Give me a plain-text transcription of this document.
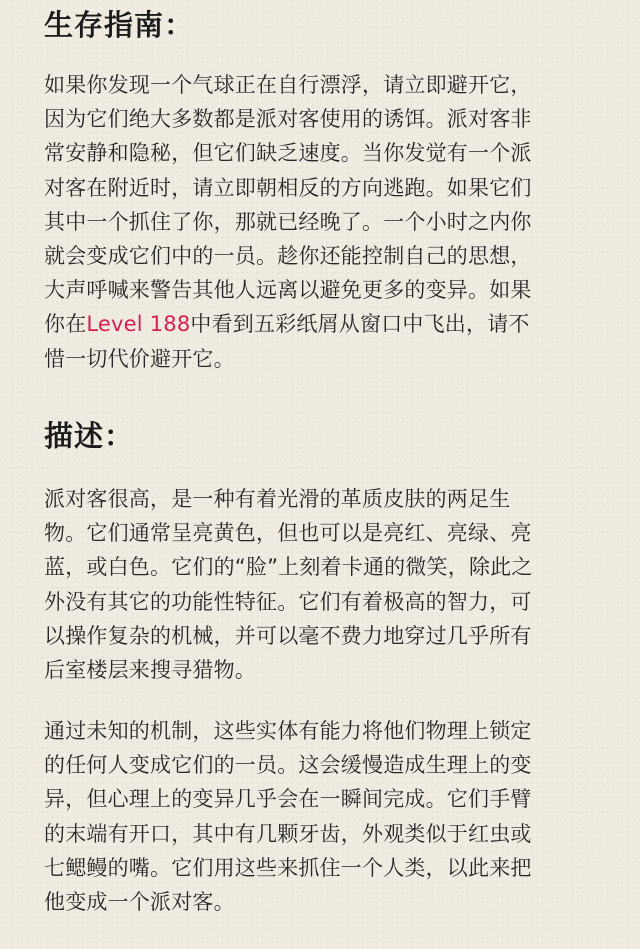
生存指南：
如果你发现一个气球正在自行漂浮，请立即避开它，
因为它们绝大多数都是派对客使用的诱饵。派对客非
常安静和隐秘，但它们缺乏速度。当你发觉有一个派
对客在附近时，请立即朝相反的方向逃跑。如果它们
其中一个抓住了你，那就已经晚了。一个小时之内你
就会变成它们中的一员。趁你还能控制自己的思想，
大声呼喊来警告其他人远离以避免更多的变异。如果
你在Level 188中看到五彩纸屑从窗口中飞出，请不
惜一切代价避开它。
描述：
派对客很高，是一种有着光滑的革质皮肤的两足生
物。它们通常呈亮黄色，但也可以是亮红、亮绿、亮
蓝，或白色。它们的“脸”上刻着卡通的微笑，除此之
外没有其它的功能性特征。它们有着极高的智力，可
以操作复杂的机械，并可以毫不费力地穿过几乎所有
后室楼层来搜寻猎物。
通过未知的机制，这些实体有能力将他们物理上锁定
的任何人变成它们的一员。这会缓慢造成生理上的变
异，但心理上的变异几乎会在一瞬间完成。它们手臂
的末端有开口，其中有几颗牙齿，外观类似于红虫或
七鳃鳗的嘴。它们用这些来抓住一个人类，以此来把
他变成一个派对客。
